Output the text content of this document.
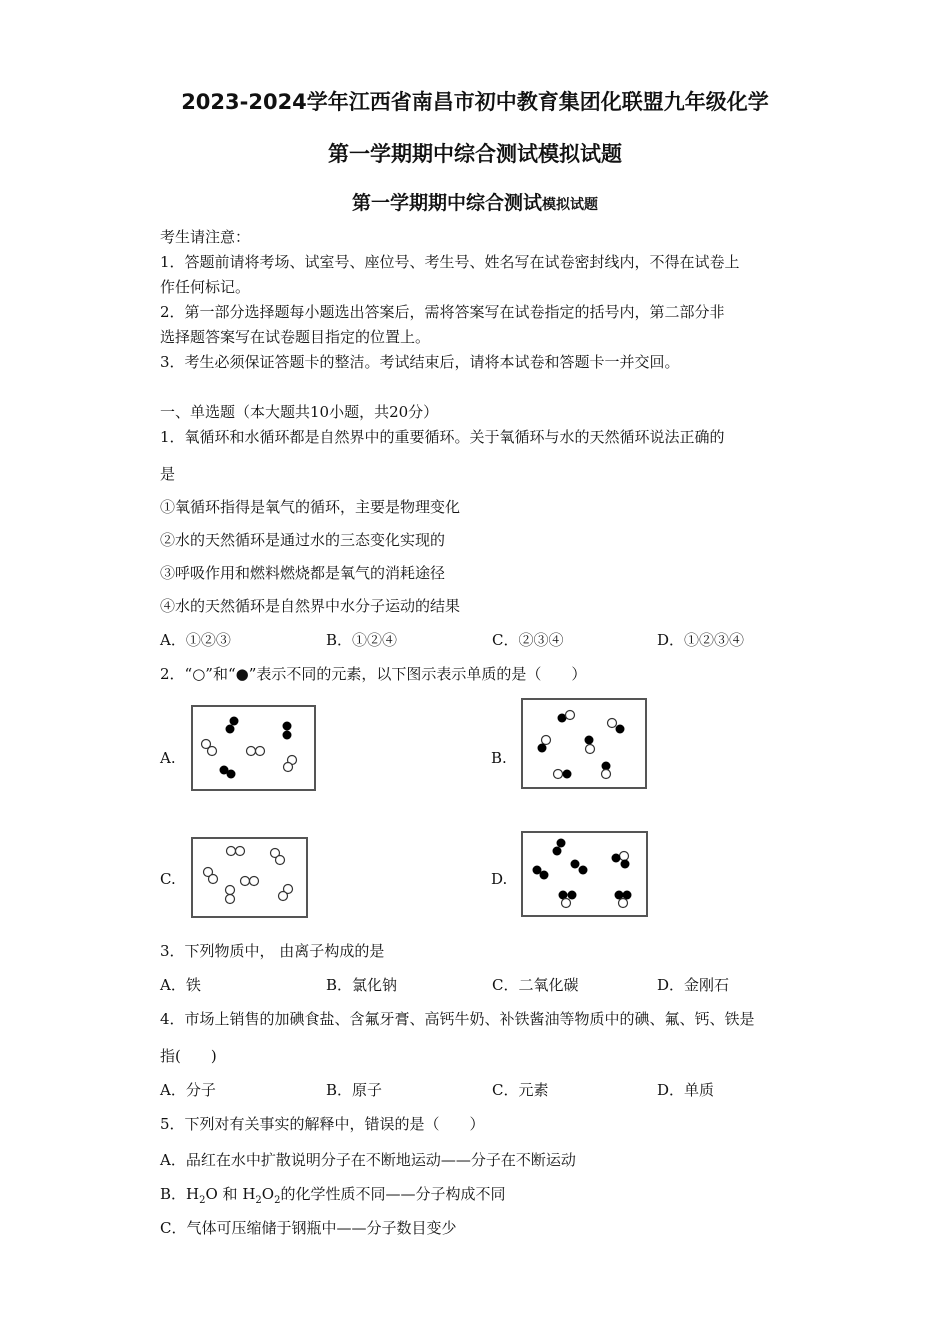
2023-2024学年江西省南昌市初中教育集团化联盟九年级化学
第一学期期中综合测试模拟试题
第一学期期中综合测试模拟试题
考生请注意：
1．答题前请将考场、试室号、座位号、考生号、姓名写在试卷密封线内，不得在试卷上
作任何标记。
2．第一部分选择题每小题选出答案后，需将答案写在试卷指定的括号内，第二部分非
选择题答案写在试卷题目指定的位置上。
3．考生必须保证答题卡的整洁。考试结束后，请将本试卷和答题卡一并交回。
一、单选题（本大题共10小题，共20分）
1．氧循环和水循环都是自然界中的重要循环。关于氧循环与水的天然循环说法正确的
是
①氧循环指得是氧气的循环，主要是物理变化
②水的天然循环是通过水的三态变化实现的
③呼吸作用和燃料燃烧都是氧气的消耗途径
④水的天然循环是自然界中水分子运动的结果
A．①②③	B．①②④	C．②③④	D．①②③④
2．“○”和“●”表示不同的元素，以下图示表示单质的是（　　）
A.	B.
C.	D.
3．下列物质中， 由离子构成的是
A．铁	B．氯化钠	C．二氧化碳	D．金刚石
4．市场上销售的加碘食盐、含氟牙膏、高钙牛奶、补铁酱油等物质中的碘、氟、钙、铁是
指(　　)
A．分子	B．原子	C．元素	D．单质
5．下列对有关事实的解释中，错误的是（　　）
A．品红在水中扩散说明分子在不断地运动——分子在不断运动
B．$H_2O$ 和 $H_2O_2$的化学性质不同——分子构成不同
C．气体可压缩储于钢瓶中——分子数目变少
